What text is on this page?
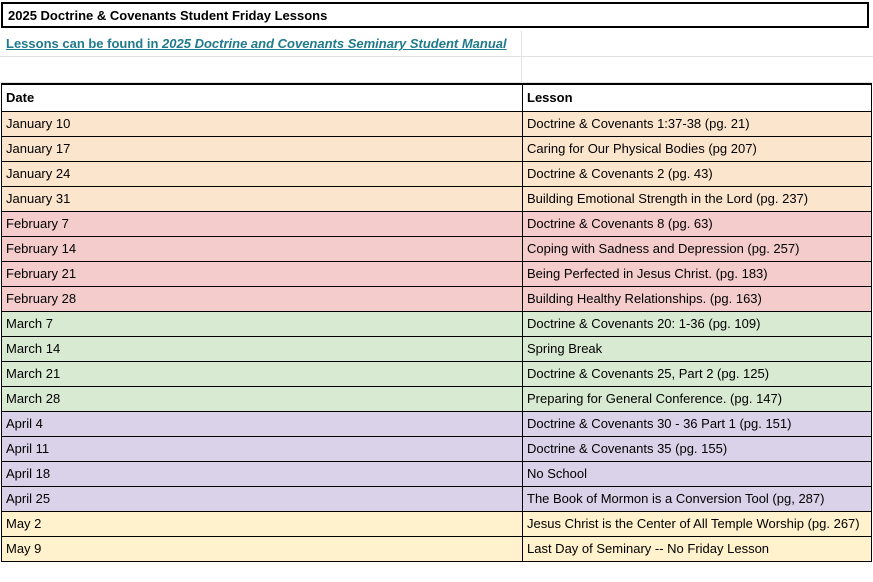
2025 Doctrine & Covenants Student Friday Lessons
Lessons can be found in 2025 Doctrine and Covenants Seminary Student Manual
Date	Lesson
January 10	Doctrine & Covenants 1:37-38 (pg. 21)
January 17	Caring for Our Physical Bodies (pg 207)
January 24	Doctrine & Covenants 2 (pg. 43)
January 31	Building Emotional Strength in the Lord (pg. 237)
February 7	Doctrine & Covenants 8 (pg. 63)
February 14	Coping with Sadness and Depression (pg. 257)
February 21	Being Perfected in Jesus Christ. (pg. 183)
February 28	Building Healthy Relationships. (pg. 163)
March 7	Doctrine & Covenants 20: 1-36 (pg. 109)
March 14	Spring Break
March 21	Doctrine & Covenants 25, Part 2 (pg. 125)
March 28	Preparing for General Conference. (pg. 147)
April 4	Doctrine & Covenants 30 - 36 Part 1 (pg. 151)
April 11	Doctrine & Covenants 35 (pg. 155)
April 18	No School
April 25	The Book of Mormon is a Conversion Tool (pg, 287)
May 2	Jesus Christ is the Center of All Temple Worship (pg. 267)
May 9	Last Day of Seminary -- No Friday Lesson
